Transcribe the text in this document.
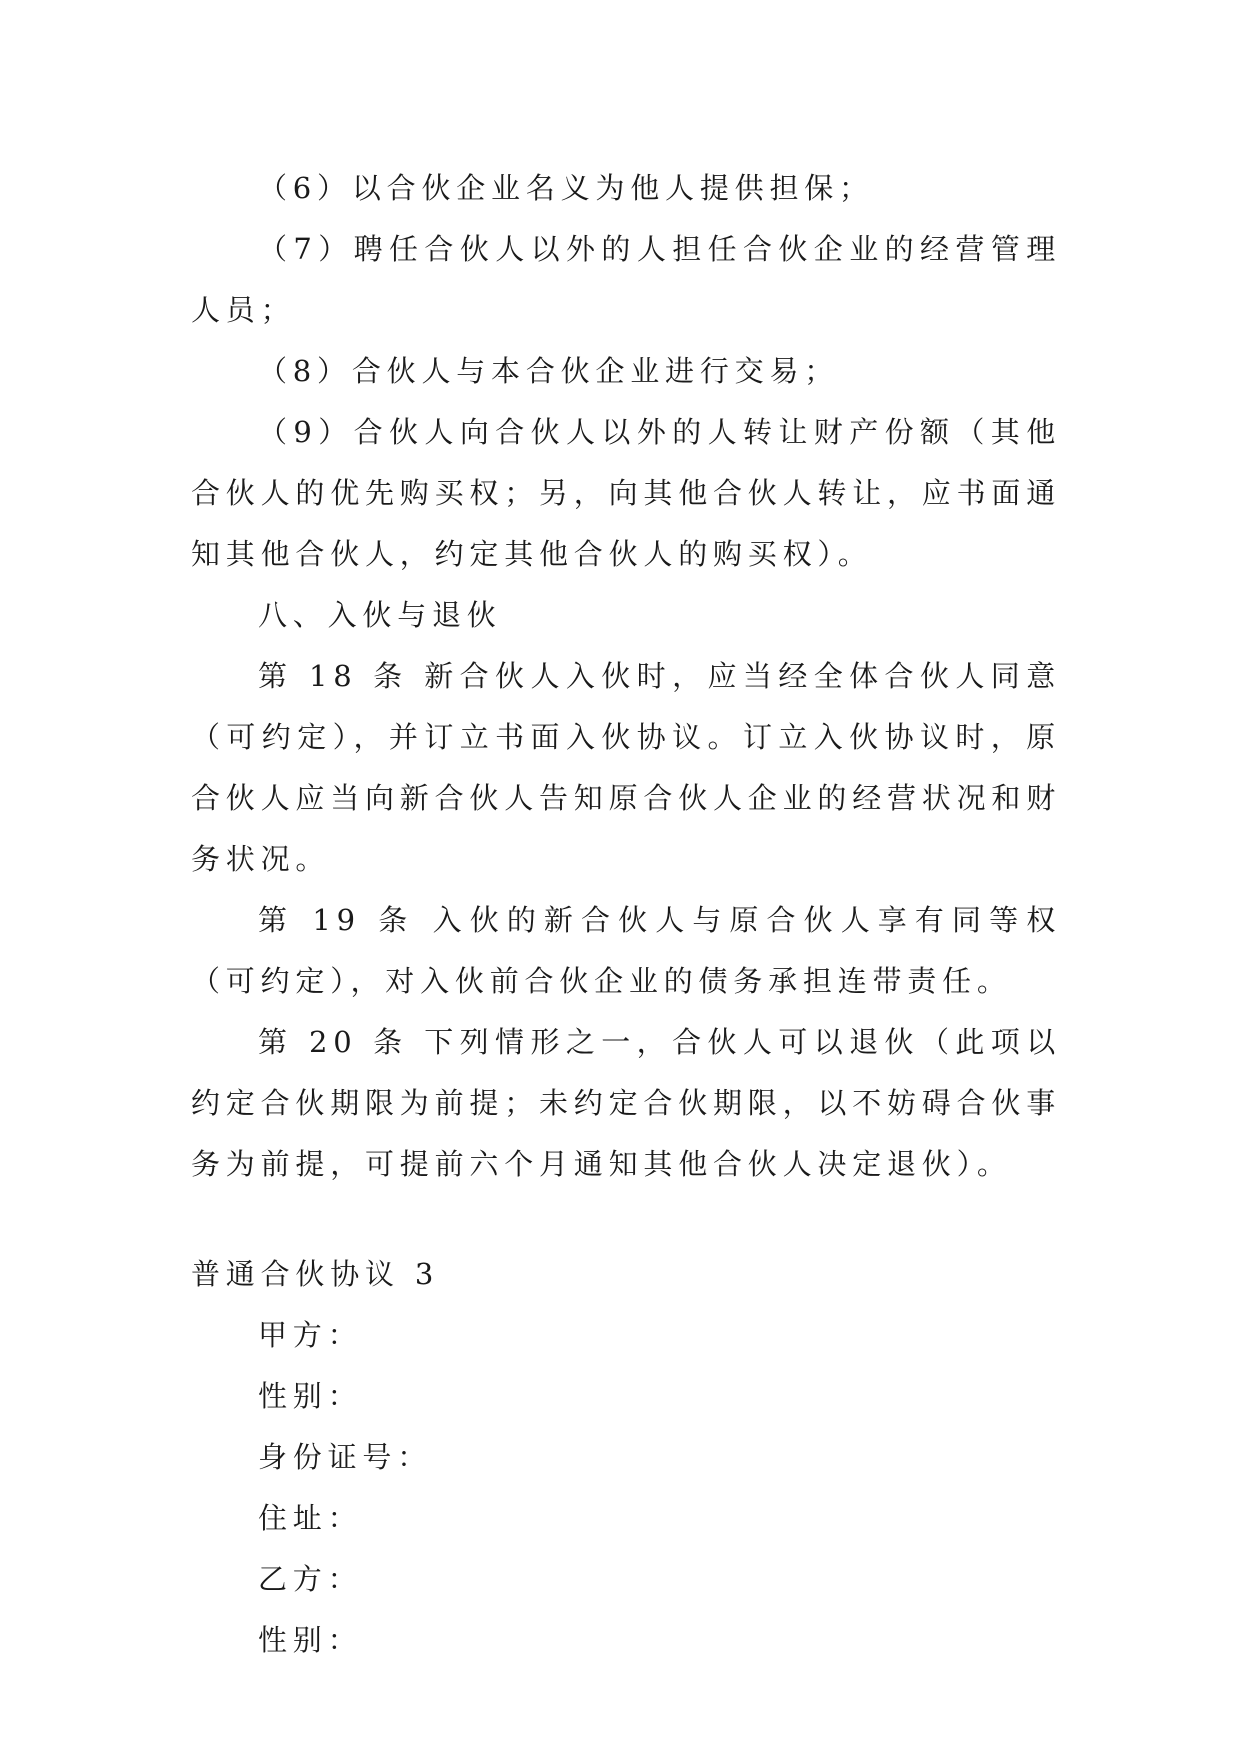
（6）以合伙企业名义为他人提供担保；

（7）聘任合伙人以外的人担任合伙企业的经营管理人员；

（8）合伙人与本合伙企业进行交易；

（9）合伙人向合伙人以外的人转让财产份额（其他合伙人的优先购买权；另，向其他合伙人转让，应书面通知其他合伙人，约定其他合伙人的购买权）。

八、入伙与退伙

第 18 条 新合伙人入伙时，应当经全体合伙人同意（可约定），并订立书面入伙协议。订立入伙协议时，原合伙人应当向新合伙人告知原合伙人企业的经营状况和财务状况。

第 19 条 入伙的新合伙人与原合伙人享有同等权（可约定），对入伙前合伙企业的债务承担连带责任。

第 20 条 下列情形之一，合伙人可以退伙（此项以约定合伙期限为前提；未约定合伙期限，以不妨碍合伙事务为前提，可提前六个月通知其他合伙人决定退伙）。

普通合伙协议 3

甲方：

性别：

身份证号：

住址：

乙方：

性别：
